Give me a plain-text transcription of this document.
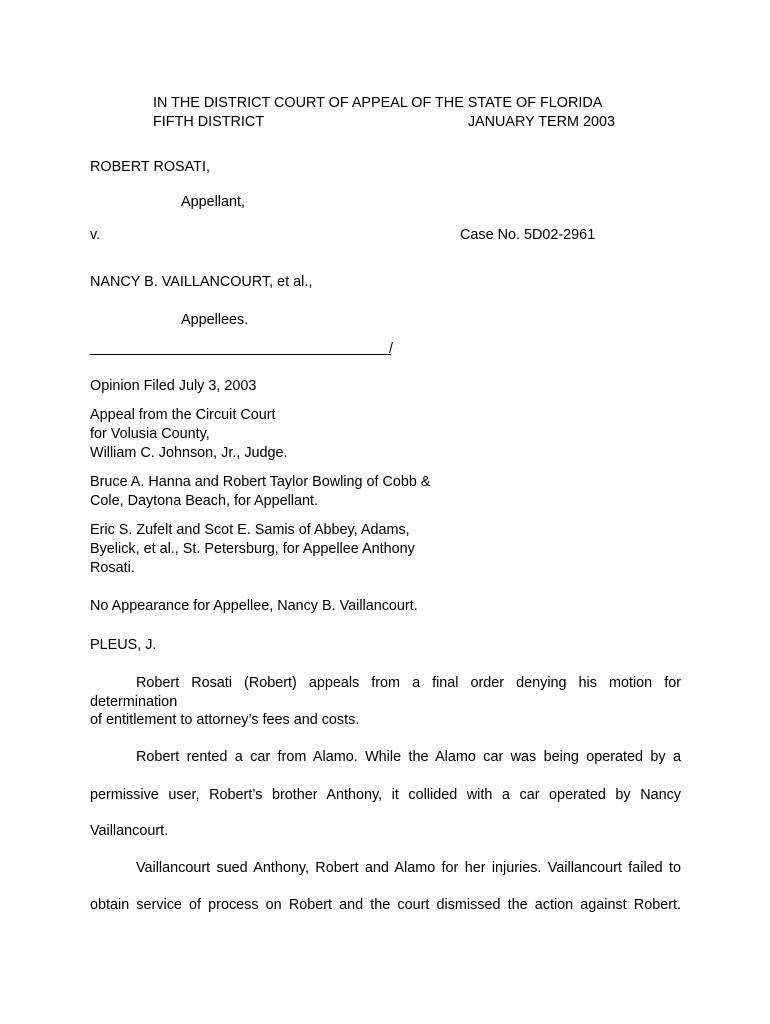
IN THE DISTRICT COURT OF APPEAL OF THE STATE OF FLORIDA
FIFTH DISTRICT	JANUARY TERM 2003
ROBERT ROSATI,
Appellant,
v.	Case No. 5D02-2961
NANCY B. VAILLANCOURT, et al.,
Appellees.
/
Opinion Filed July 3, 2003
Appeal from the Circuit Court
for Volusia County,
William C. Johnson, Jr., Judge.
Bruce A. Hanna and Robert Taylor Bowling of Cobb &
Cole, Daytona Beach, for Appellant.
Eric S. Zufelt and Scot E. Samis of Abbey, Adams,
Byelick, et al., St. Petersburg, for Appellee Anthony
Rosati.
No Appearance for Appellee, Nancy B. Vaillancourt.
PLEUS, J.
Robert Rosati (Robert) appeals from a final order denying his motion for determination
of entitlement to attorney’s fees and costs.
Robert rented a car from Alamo. While the Alamo car was being operated by a
permissive user, Robert’s brother Anthony, it collided with a car operated by Nancy
Vaillancourt.
Vaillancourt sued Anthony, Robert and Alamo for her injuries. Vaillancourt failed to
obtain service of process on Robert and the court dismissed the action against Robert.
